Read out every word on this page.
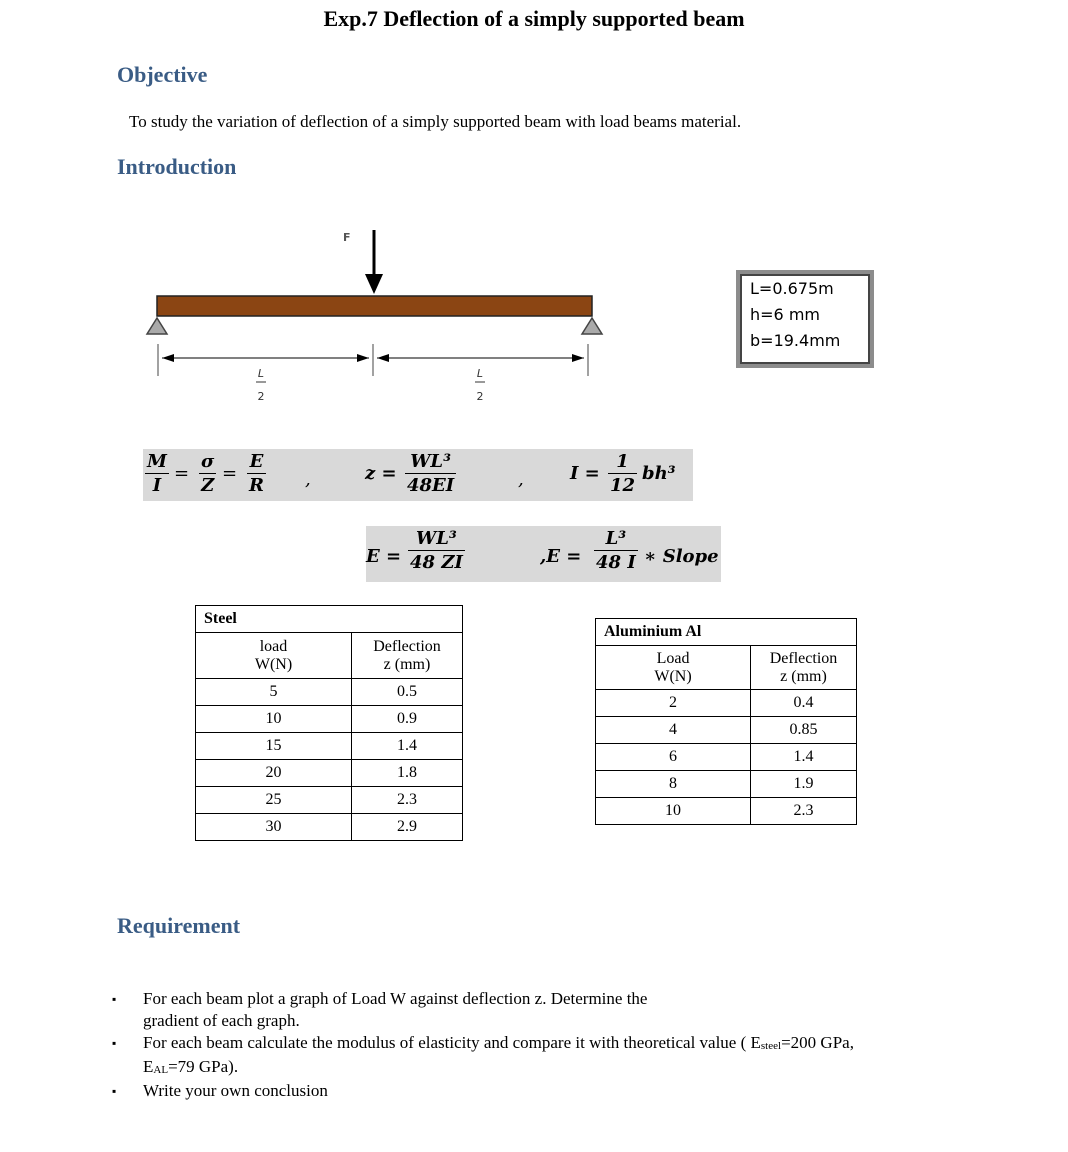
Exp.7 Deflection of a simply supported beam
Objective
To study the variation of deflection of a simply supported beam with load beams material.
Introduction
F
L
2
L
2
L=0.675m
h=6 mm
b=19.4mm
M
I
=
σ
Z
=
E
R ,	z =
WL³
48EI	,	I =
1
12
bh³
E =
WL³
48 ZI	,E =
L³
48 I ∗ Slope
Steel	
load
W(N)	Deflection
z (mm)
5	0.5
10	0.9
15	1.4
20	1.8
25	2.3
30	2.9
Aluminium Al	
Load
W(N)	Deflection
z (mm)
2	0.4
4	0.85
6	1.4
8	1.9
10	2.3
Requirement
▪ For each beam plot a graph of Load W against deflection z. Determine the
gradient of each graph.
▪ For each beam calculate the modulus of elasticity and compare it with theoretical value ( $E_{steel}=200$ GPa,
$E_{AL}=79$ GPa).
▪ Write your own conclusion
